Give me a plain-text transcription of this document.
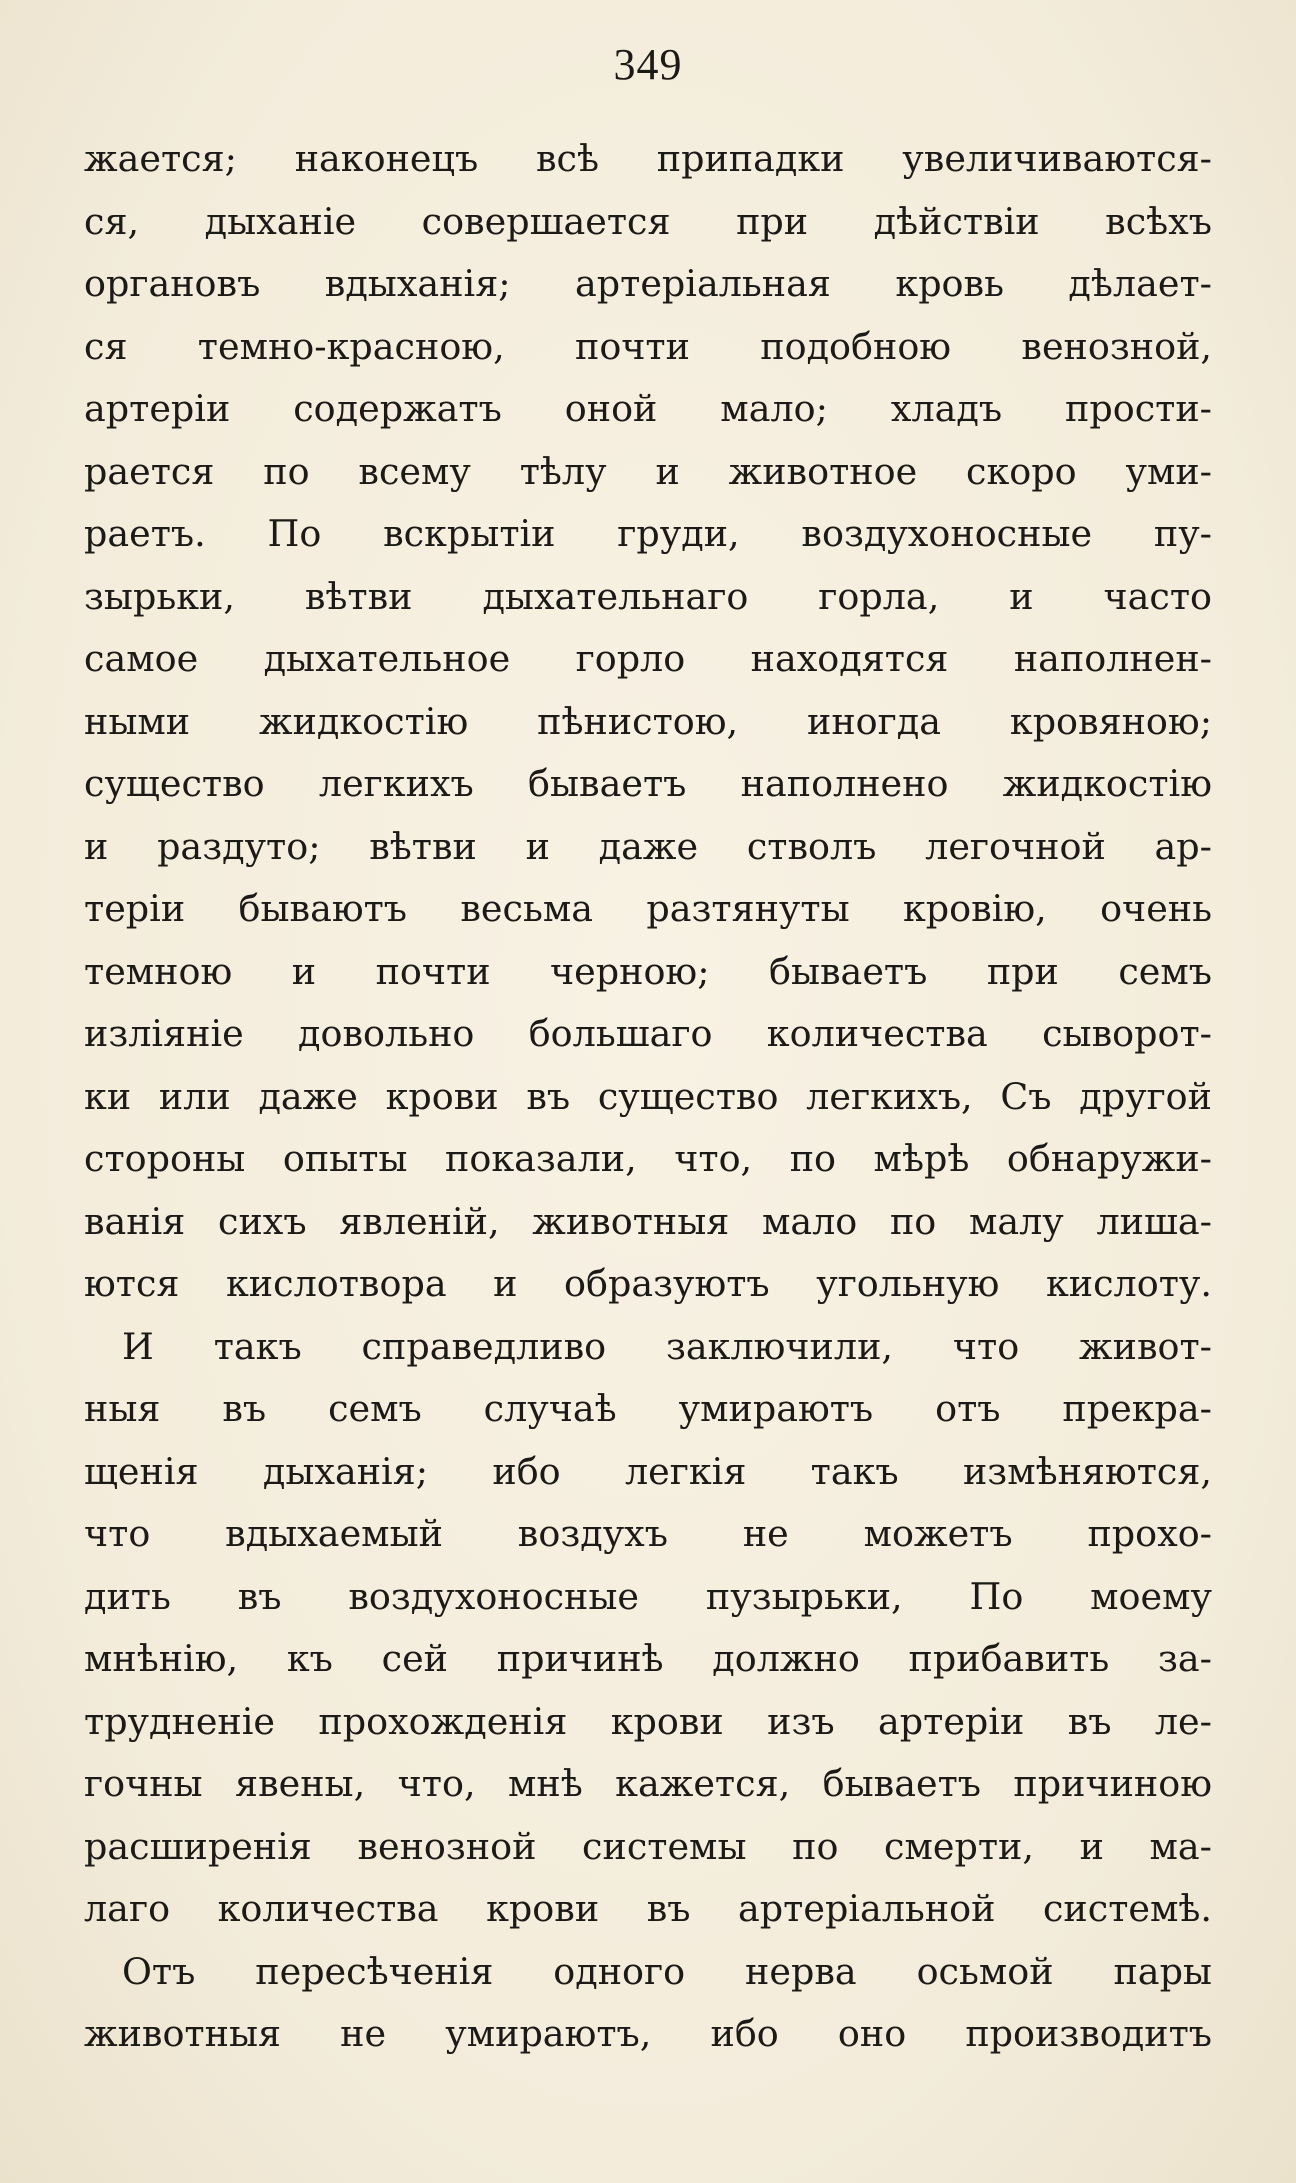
349
жается; наконецъ всѣ припадки увеличиваются-
ся, дыханіе совершается при дѣйствіи всѣхъ
органовъ вдыханія; артеріальная кровь дѣлает-
ся темно-красною, почти подобною венозной,
артеріи содержатъ оной мало; хладъ прости-
рается по всему тѣлу и животное скоро уми-
раетъ. По вскрытіи груди, воздухоносные пу-
зырьки, вѣтви дыхательнаго горла, и часто
самое дыхательное горло находятся наполнен-
ными жидкостію пѣнистою, иногда кровяною;
существо легкихъ бываетъ наполнено жидкостію
и раздуто; вѣтви и даже стволъ легочной ар-
теріи бываютъ весьма разтянуты кровію, очень
темною и почти черною; бываетъ при семъ
изліяніе довольно большаго количества сыворот-
ки или даже крови въ существо легкихъ, Съ другой
стороны опыты показали, что, по мѣрѣ обнаружи-
ванія сихъ явленій, животныя мало по малу лиша-
ются кислотвора и образуютъ угольную кислоту.
И такъ справедливо заключили, что живот-
ныя въ семъ случаѣ умираютъ отъ прекра-
щенія дыханія; ибо легкія такъ измѣняются,
что вдыхаемый воздухъ не можетъ прохо-
дить въ воздухоносные пузырьки, По моему
мнѣнію, къ сей причинѣ должно прибавить за-
трудненіе прохожденія крови изъ артеріи въ ле-
гочны явены, что, мнѣ кажется, бываетъ причиною
расширенія венозной системы по смерти, и ма-
лаго количества крови въ артеріальной системѣ.
Отъ пересѣченія одного нерва осьмой пары
животныя не умираютъ, ибо оно производитъ
